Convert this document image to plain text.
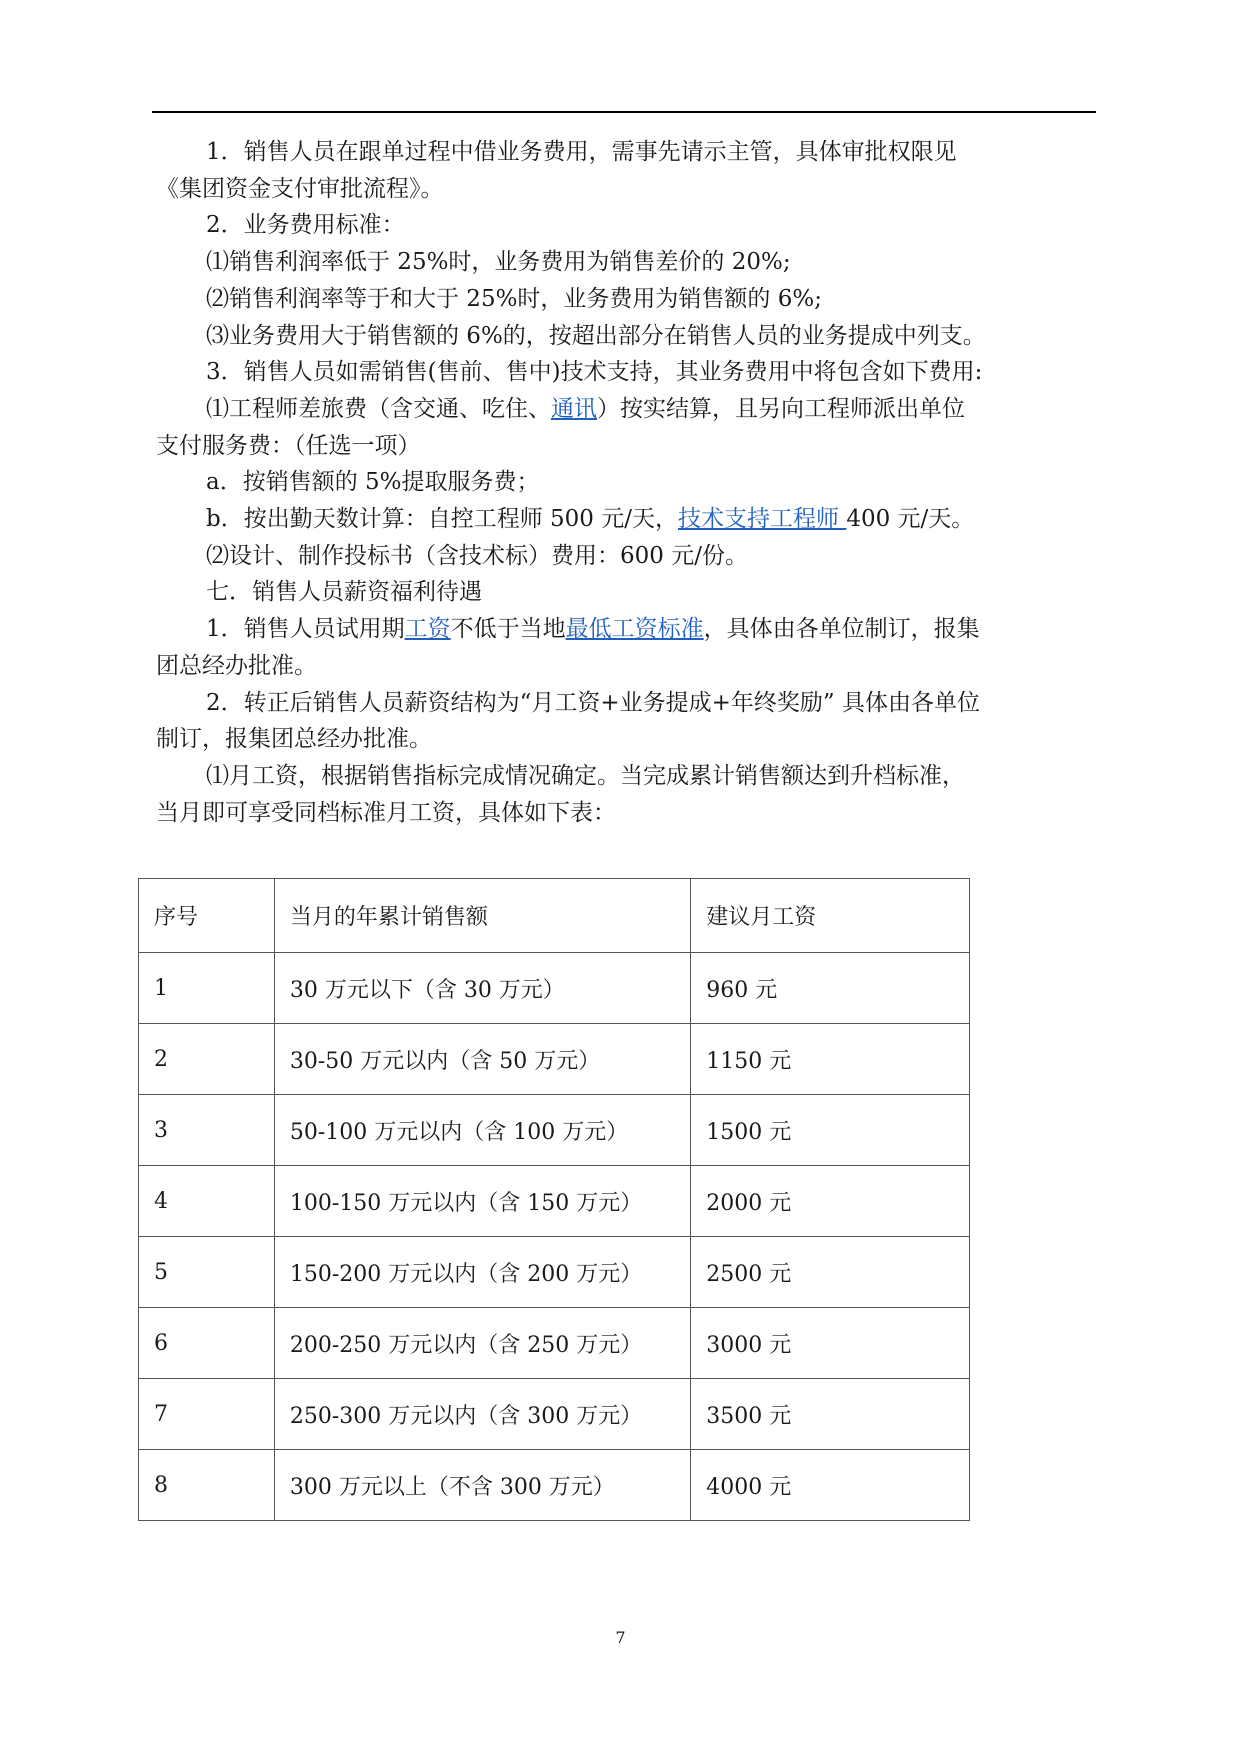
1．销售人员在跟单过程中借业务费用，需事先请示主管，具体审批权限见

《集团资金支付审批流程》。

2．业务费用标准：

⑴销售利润率低于 25%时，业务费用为销售差价的 20%;

⑵销售利润率等于和大于 25%时，业务费用为销售额的 6%;

⑶业务费用大于销售额的 6%的，按超出部分在销售人员的业务提成中列支。

3．销售人员如需销售(售前、售中)技术支持，其业务费用中将包含如下费用:

⑴工程师差旅费（含交通、吃住、通讯）按实结算，且另向工程师派出单位

支付服务费：（任选一项）

a．按销售额的 5%提取服务费；

b．按出勤天数计算：自控工程师 500 元/天，技术支持工程师 400 元/天。

⑵设计、制作投标书（含技术标）费用：600 元/份。

七．销售人员薪资福利待遇

1．销售人员试用期工资不低于当地最低工资标准，具体由各单位制订，报集

团总经办批准。

2．转正后销售人员薪资结构为“月工资+业务提成+年终奖励” 具体由各单位

制订，报集团总经办批准。

⑴月工资，根据销售指标完成情况确定。当完成累计销售额达到升档标准，

当月即可享受同档标准月工资，具体如下表：

序号	当月的年累计销售额	建议月工资
1	30 万元以下（含 30 万元）	960 元
2	30-50 万元以内（含 50 万元）	1150 元
3	50-100 万元以内（含 100 万元）	1500 元
4	100-150 万元以内（含 150 万元）	2000 元
5	150-200 万元以内（含 200 万元）	2500 元
6	200-250 万元以内（含 250 万元）	3000 元
7	250-300 万元以内（含 300 万元）	3500 元
8	300 万元以上（不含 300 万元）	4000 元
7
